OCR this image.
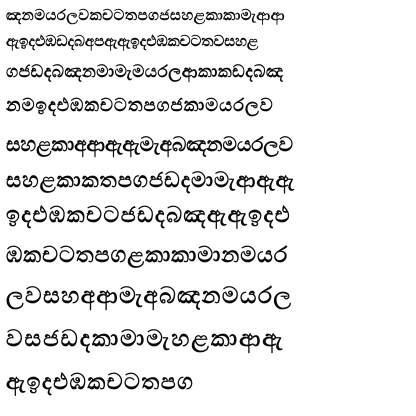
ඤනමයරලවකචටතපගජසහළකාකාමැආආ
ඇඉදඑඹඩදබඅපඇඇඉදඑඹකචටතවසහළ
ගජඩදබඤනමාමැමයරලආකාකඩදබඤ
නමඉදඑඹකචටතපගජකාමයරලව
සහළකාඅආඇඇමැඅබඤනමයරලව
සහළකාකතපගජඩදමාමැආඇඇ
ඉදඑඹකචටජඩදබඤඇඇඉදඑ
ඹකචටතපගළකාකාමානමයර
ලවසහඅආමැඅබඤනමයරල
වසජඩදකාමාමැහළකාආඇ
ඇඉදඑඹකචටතපග
